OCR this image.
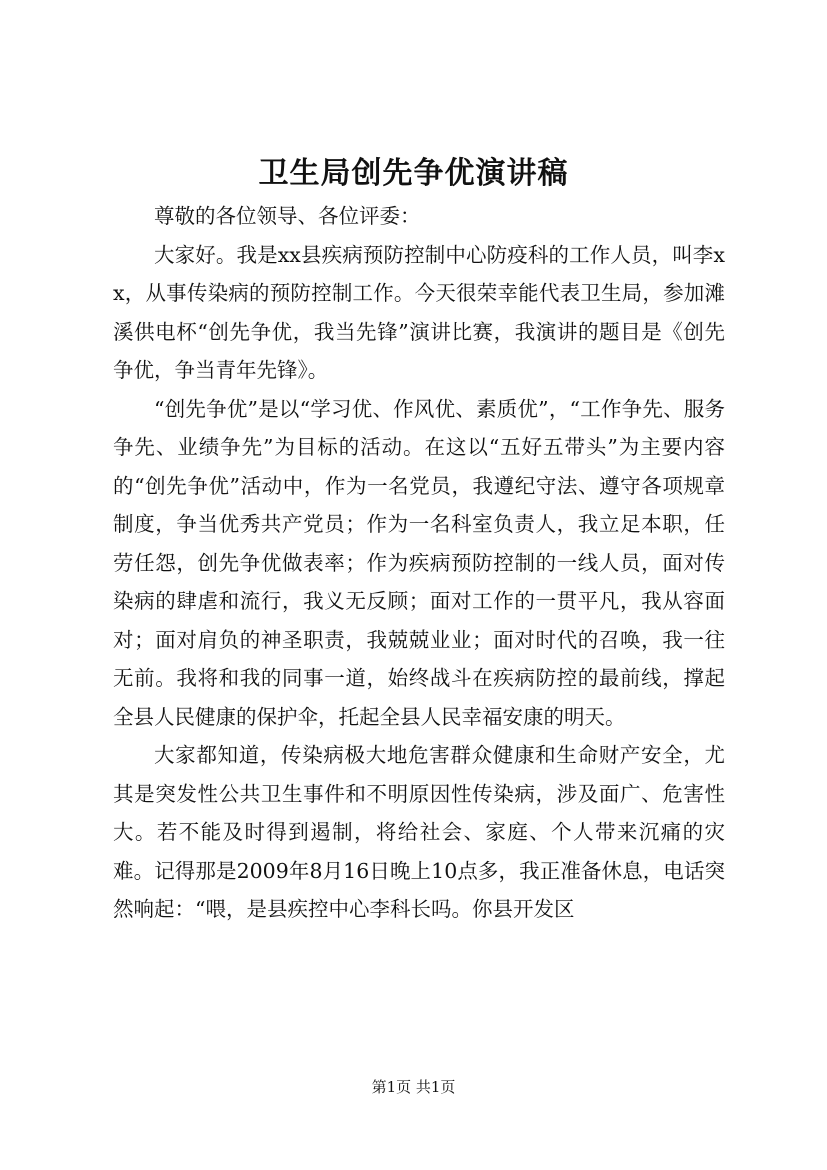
卫生局创先争优演讲稿

尊敬的各位领导、各位评委：

大家好。我是xx县疾病预防控制中心防疫科的工作人员，叫李xx，从事传染病的预防控制工作。今天很荣幸能代表卫生局，参加滩溪供电杯“创先争优，我当先锋”演讲比赛，我演讲的题目是《创先争优，争当青年先锋》。

“创先争优”是以“学习优、作风优、素质优”，“工作争先、服务争先、业绩争先”为目标的活动。在这以“五好五带头”为主要内容的“创先争优”活动中，作为一名党员，我遵纪守法、遵守各项规章制度，争当优秀共产党员；作为一名科室负责人，我立足本职，任劳任怨，创先争优做表率；作为疾病预防控制的一线人员，面对传染病的肆虐和流行，我义无反顾；面对工作的一贯平凡，我从容面对；面对肩负的神圣职责，我兢兢业业；面对时代的召唤，我一往无前。我将和我的同事一道，始终战斗在疾病防控的最前线，撑起全县人民健康的保护伞，托起全县人民幸福安康的明天。

大家都知道，传染病极大地危害群众健康和生命财产安全，尤其是突发性公共卫生事件和不明原因性传染病，涉及面广、危害性大。若不能及时得到遏制，将给社会、家庭、个人带来沉痛的灾难。记得那是2009年8月16日晚上10点多，我正准备休息，电话突然响起：“喂，是县疾控中心李科长吗。你县开发区

第1页 共1页
